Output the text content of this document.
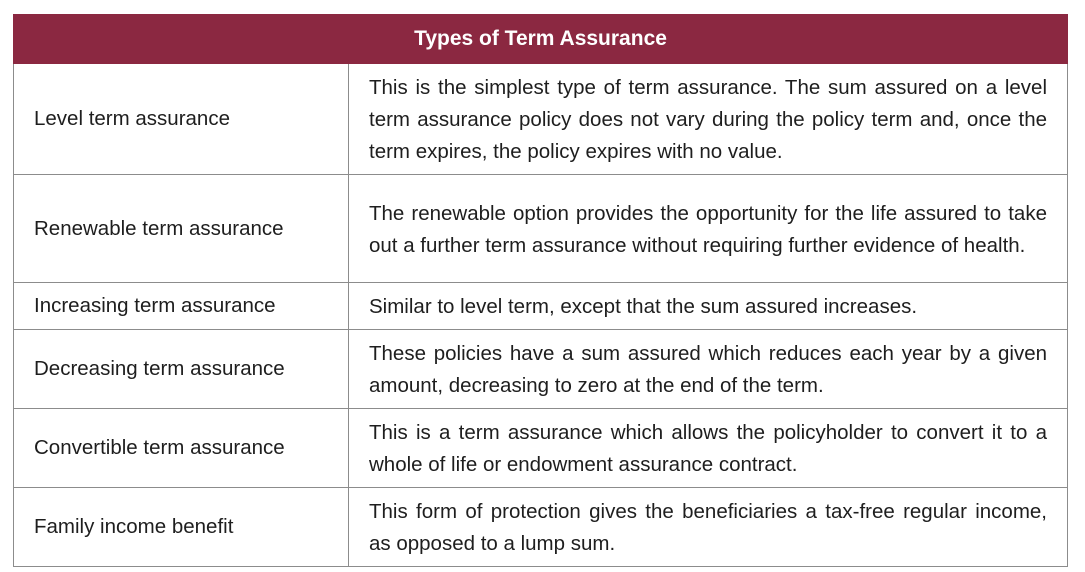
Types of Term Assurance	
Level term assurance	This is the simplest type of term assurance. The sum assured on a level term assurance policy does not vary during the policy term and, once the term expires, the policy expires with no value.
Renewable term assurance	The renewable option provides the opportunity for the life assured to take out a further term assurance without requiring further evidence of health.
Increasing term assurance	Similar to level term, except that the sum assured increases.
Decreasing term assurance	These policies have a sum assured which reduces each year by a given amount, decreasing to zero at the end of the term.
Convertible term assurance	This is a term assurance which allows the policyholder to convert it to a whole of life or endowment assurance contract.
Family income benefit	This form of protection gives the beneficiaries a tax-free regular income, as opposed to a lump sum.
